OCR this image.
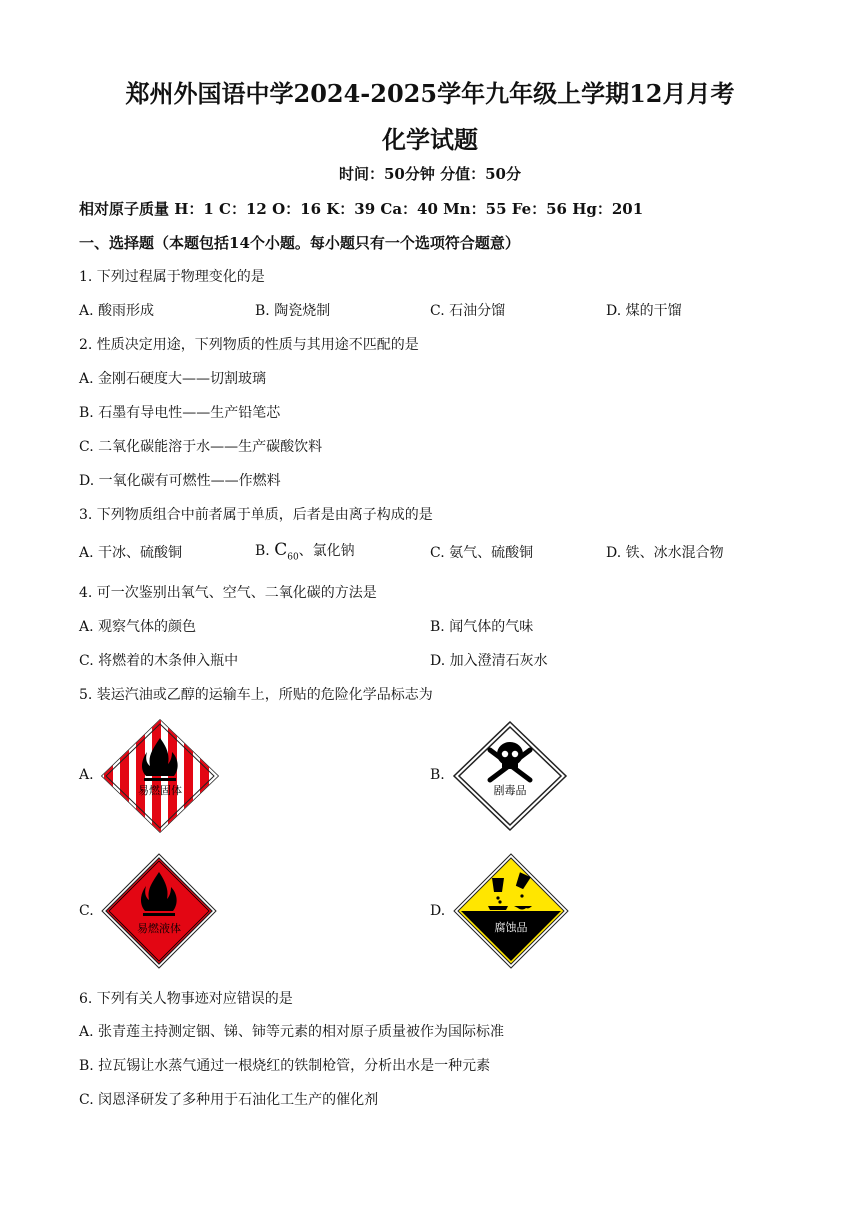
郑州外国语中学2024-2025学年九年级上学期12月月考
化学试题
时间：50分钟 分值：50分
相对原子质量 H：1 C：12 O：16 K：39 Ca：40 Mn：55 Fe：56 Hg：201
一、选择题（本题包括14个小题。每小题只有一个选项符合题意）
1. 下列过程属于物理变化的是
A. 酸雨形成	B. 陶瓷烧制	C. 石油分馏	D. 煤的干馏
2. 性质决定用途，下列物质的性质与其用途不匹配的是
A. 金刚石硬度大——切割玻璃
B. 石墨有导电性——生产铅笔芯
C. 二氧化碳能溶于水——生产碳酸饮料
D. 一氧化碳有可燃性——作燃料
3. 下列物质组合中前者属于单质，后者是由离子构成的是
A. 干冰、硫酸铜	B. $C_{60}$、氯化钠	C. 氨气、硫酸铜	D. 铁、冰水混合物
4. 可一次鉴别出氧气、空气、二氧化碳的方法是
A. 观察气体的颜色	B. 闻气体的气味
C. 将燃着的木条伸入瓶中	D. 加入澄清石灰水
5. 装运汽油或乙醇的运输车上，所贴的危险化学品标志为
A.
易燃固体
B.
剧毒品
C.
易燃液体
D.
腐蚀品
6. 下列有关人物事迹对应错误的是
A. 张青莲主持测定铟、锑、铈等元素的相对原子质量被作为国际标准
B. 拉瓦锡让水蒸气通过一根烧红的铁制枪管，分析出水是一种元素
C. 闵恩泽研发了多种用于石油化工生产的催化剂
